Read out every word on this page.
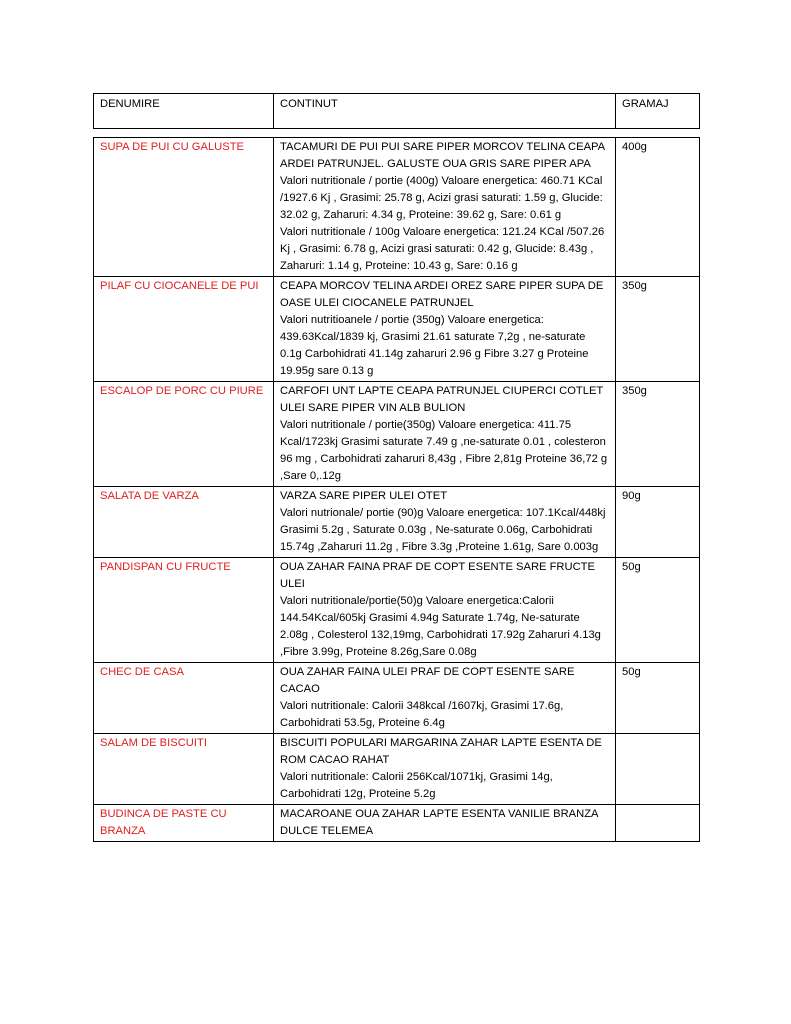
DENUMIRE	CONTINUT	GRAMAJ

SUPA DE PUI CU GALUSTE	TACAMURI DE PUI PUI SARE PIPER MORCOV TELINA CEAPA ARDEI PATRUNJEL. GALUSTE OUA GRIS SARE PIPER APA
Valori nutritionale / portie (400g) Valoare energetica: 460.71 KCal /1927.6 Kj , Grasimi: 25.78 g, Acizi grasi saturati: 1.59 g, Glucide: 32.02 g, Zaharuri: 4.34 g, Proteine: 39.62 g, Sare: 0.61 g
Valori nutritionale / 100g Valoare energetica: 121.24 KCal /507.26 Kj , Grasimi: 6.78 g, Acizi grasi saturati: 0.42 g, Glucide: 8.43g , Zaharuri: 1.14 g, Proteine: 10.43 g, Sare: 0.16 g	400g
PILAF CU CIOCANELE DE PUI	CEAPA MORCOV TELINA ARDEI OREZ SARE PIPER SUPA DE OASE ULEI CIOCANELE PATRUNJEL
Valori nutritioanele / portie (350g) Valoare energetica: 439.63Kcal/1839 kj, Grasimi 21.61 saturate 7,2g , ne-saturate 0.1g Carbohidrati 41.14g zaharuri 2.96 g Fibre 3.27 g Proteine 19.95g sare 0.13 g	350g
ESCALOP DE PORC CU PIURE	CARFOFI UNT LAPTE CEAPA PATRUNJEL CIUPERCI COTLET ULEI SARE PIPER VIN ALB BULION
Valori nutritionale / portie(350g) Valoare energetica: 411.75 Kcal/1723kj Grasimi saturate 7.49 g ,ne-saturate 0.01 , colesteron 96 mg , Carbohidrati zaharuri 8,43g , Fibre 2,81g Proteine 36,72 g ,Sare 0,.12g	350g
SALATA DE VARZA	VARZA SARE PIPER ULEI OTET
Valori nutrionale/ portie (90)g Valoare energetica: 107.1Kcal/448kj Grasimi 5.2g , Saturate 0.03g , Ne-saturate 0.06g, Carbohidrati 15.74g ,Zaharuri 11.2g , Fibre 3.3g ,Proteine 1.61g, Sare 0.003g	90g
PANDISPAN CU FRUCTE	OUA ZAHAR FAINA PRAF DE COPT ESENTE SARE FRUCTE ULEI
Valori nutritionale/portie(50)g Valoare energetica:Calorii 144.54Kcal/605kj Grasimi 4.94g Saturate 1.74g, Ne-saturate 2.08g , Colesterol 132,19mg, Carbohidrati 17.92g Zaharuri 4.13g ,Fibre 3.99g, Proteine 8.26g,Sare 0.08g	50g
CHEC DE CASA	OUA ZAHAR FAINA ULEI PRAF DE COPT ESENTE SARE CACAO
Valori nutritionale: Calorii 348kcal /1607kj, Grasimi 17.6g, Carbohidrati 53.5g, Proteine 6.4g	50g
SALAM DE BISCUITI	BISCUITI POPULARI MARGARINA ZAHAR LAPTE ESENTA DE ROM CACAO RAHAT
Valori nutritionale: Calorii 256Kcal/1071kj, Grasimi 14g, Carbohidrati 12g, Proteine 5.2g	

BUDINCA DE PASTE CU BRANZA	MACAROANE OUA ZAHAR LAPTE ESENTA VANILIE BRANZA DULCE TELEMEA	
